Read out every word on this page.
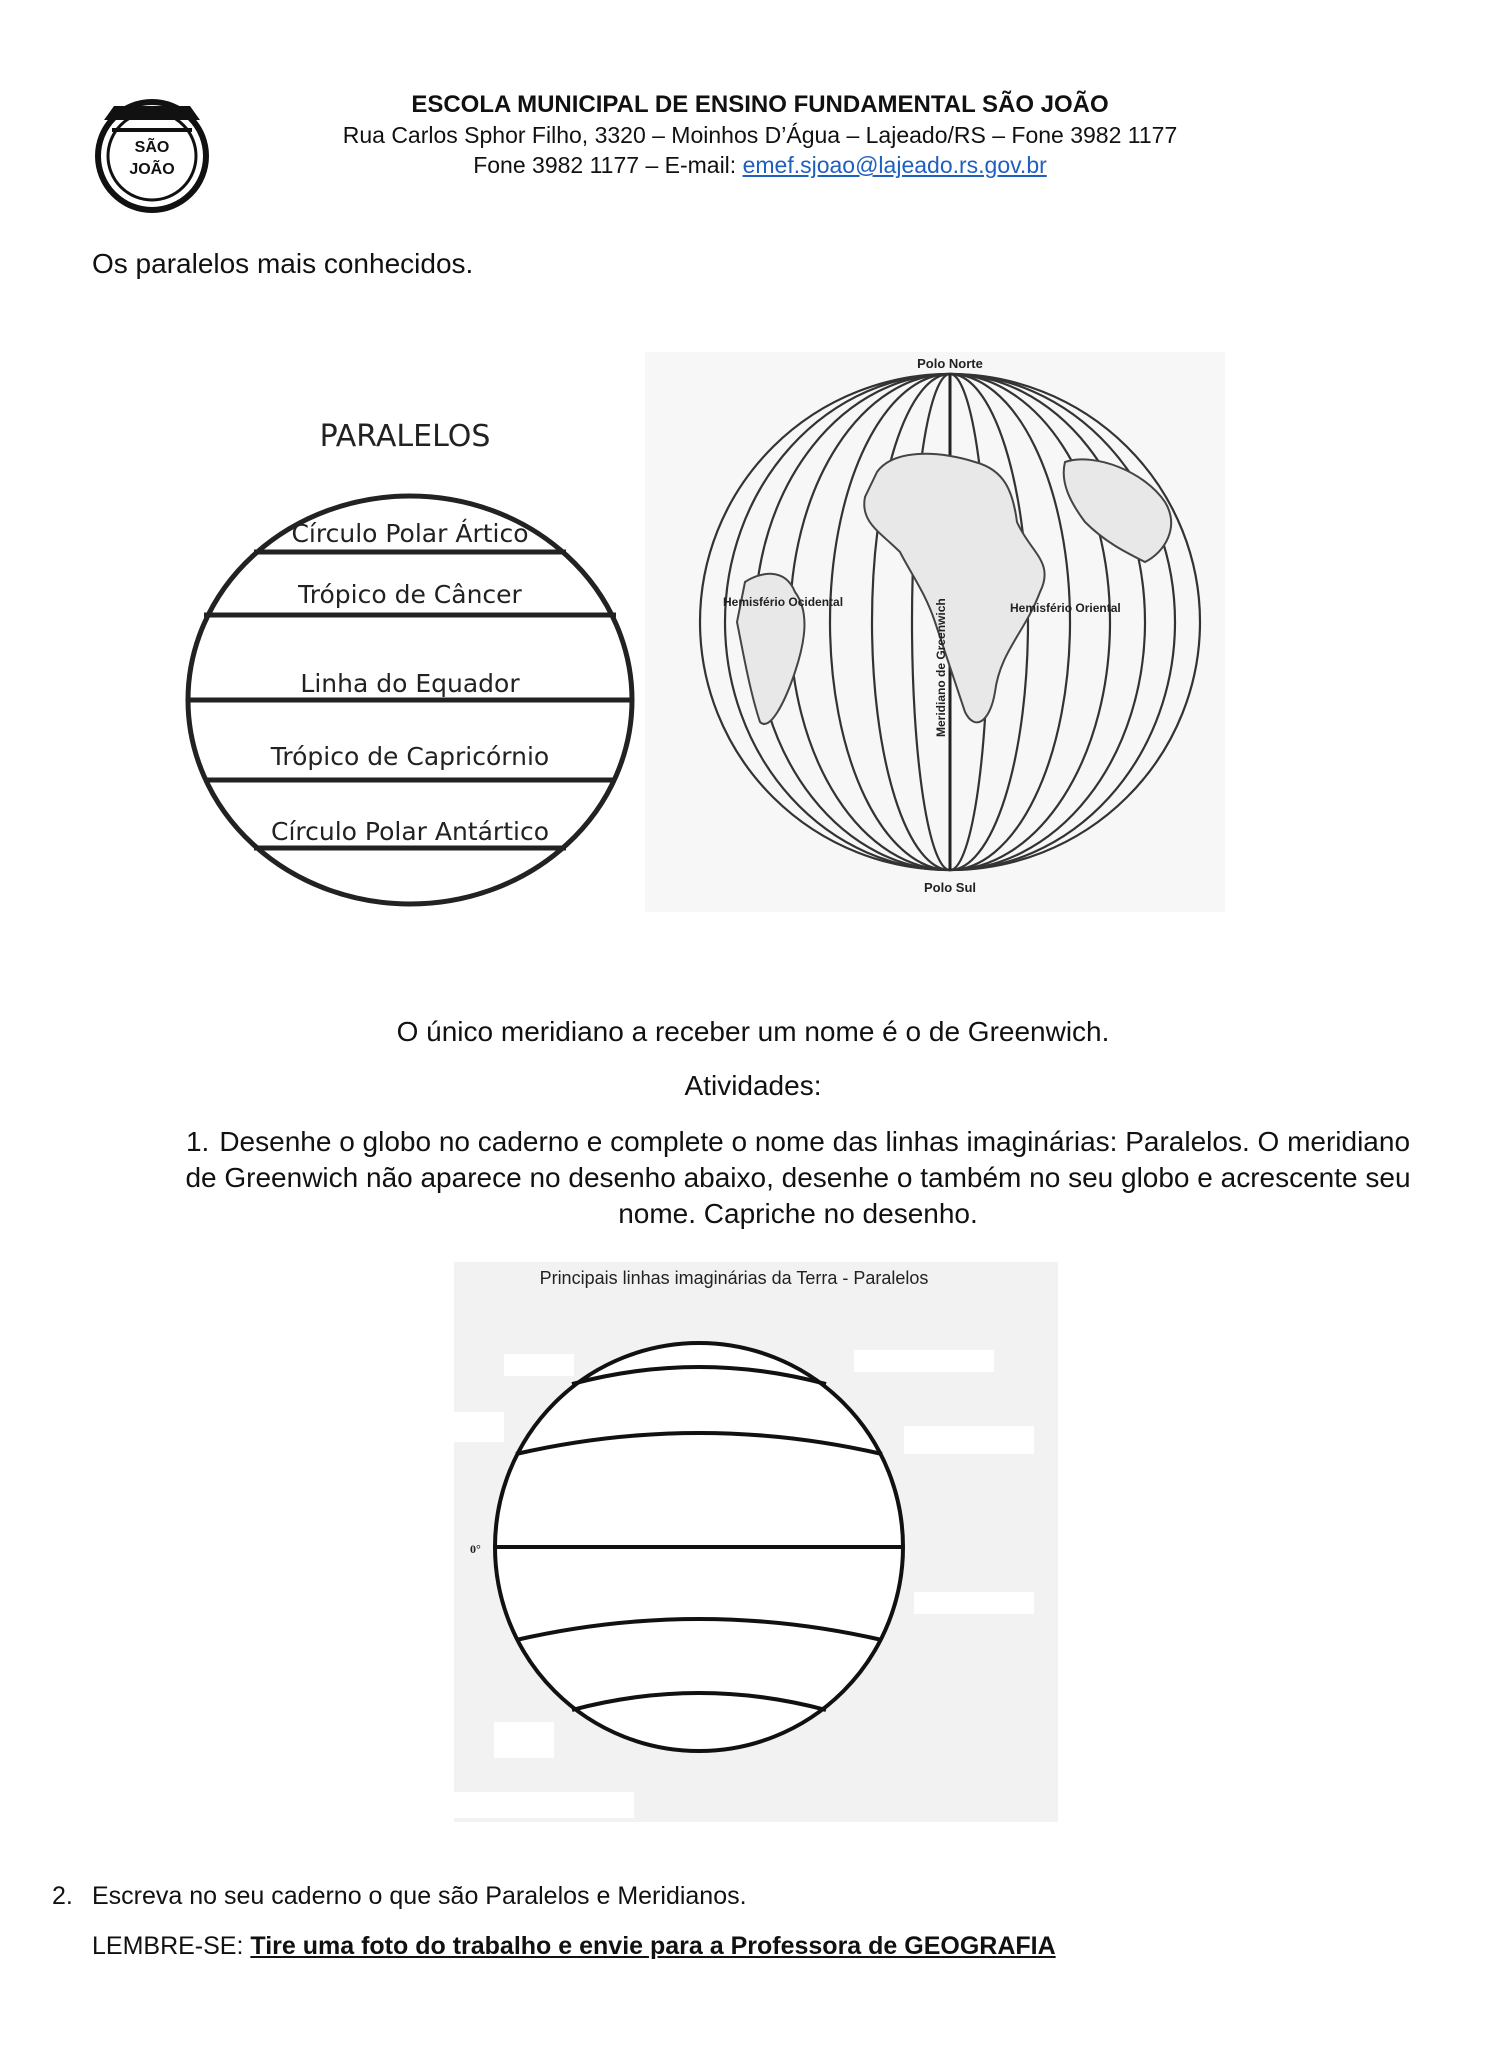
SÃO
JOÃO
ESCOLA MUNICIPAL DE ENSINO FUNDAMENTAL SÃO JOÃO
Rua Carlos Sphor Filho, 3320 – Moinhos D’Água – Lajeado/RS – Fone 3982 1177
Fone 3982 1177 – E-mail: emef.sjoao@lajeado.rs.gov.br
Os paralelos mais conhecidos.
PARALELOS
Círculo Polar Ártico
Trópico de Câncer
Linha do Equador
Trópico de Capricórnio
Círculo Polar Antártico
Polo Norte
Polo Sul
Hemisfério Ocidental	Hemisfério Oriental
Meridiano de Greenwich
O único meridiano a receber um nome é o de Greenwich.
Atividades:
1. Desenhe o globo no caderno e complete o nome das linhas imaginárias: Paralelos. O meridiano de Greenwich não aparece no desenho abaixo, desenhe o também no seu globo e acrescente seu nome. Capriche no desenho.
Principais linhas imaginárias da Terra - Paralelos
0°
2. Escreva no seu caderno o que são Paralelos e Meridianos.
LEMBRE-SE: Tire uma foto do trabalho e envie para a Professora de GEOGRAFIA
